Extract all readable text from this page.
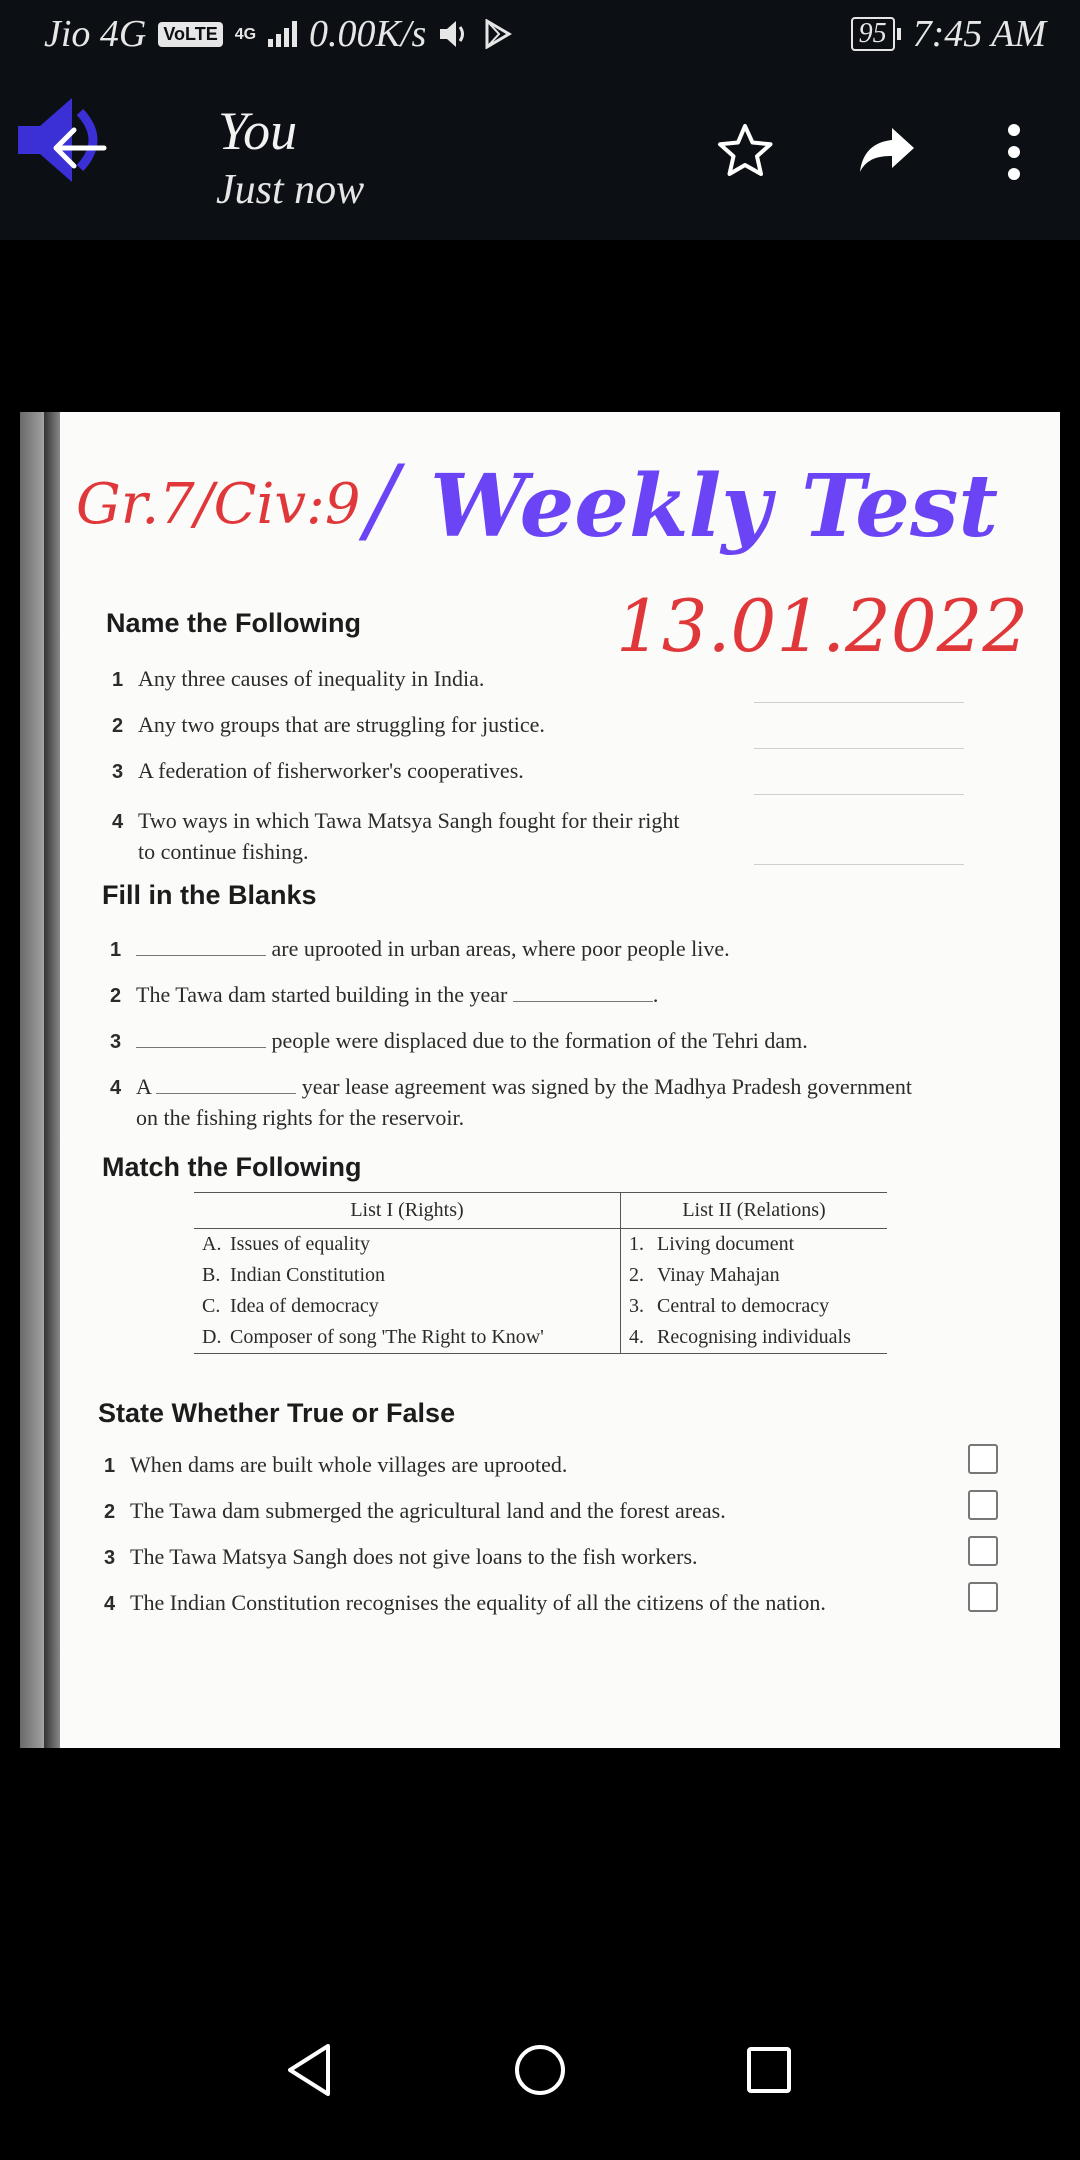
Jio 4G VoLTE	4G 0.00K/s	95 7:45 AM
You
Just now
Gr.7/Civ:9 / Weekly Test
13.01.2022
Name the Following
1 Any three causes of inequality in India.
2 Any two groups that are struggling for justice.
3 A federation of fisherworker's cooperatives.
4 Two ways in which Tawa Matsya Sangh fought for their right
to continue fishing.
Fill in the Blanks
1	are uprooted in urban areas, where poor people live.
2 The Tawa dam started building in the year	.
3	people were displaced due to the formation of the Tehri dam.
4 A	year lease agreement was signed by the Madhya Pradesh government
on the fishing rights for the reservoir.
Match the Following
List I (Rights)	List II (Relations)
A. Issues of equality	1. Living document
B. Indian Constitution	2. Vinay Mahajan
C. Idea of democracy	3. Central to democracy
D. Composer of song 'The Right to Know'	4. Recognising individuals
State Whether True or False
1 When dams are built whole villages are uprooted.
2 The Tawa dam submerged the agricultural land and the forest areas.
3 The Tawa Matsya Sangh does not give loans to the fish workers.
4 The Indian Constitution recognises the equality of all the citizens of the nation.
